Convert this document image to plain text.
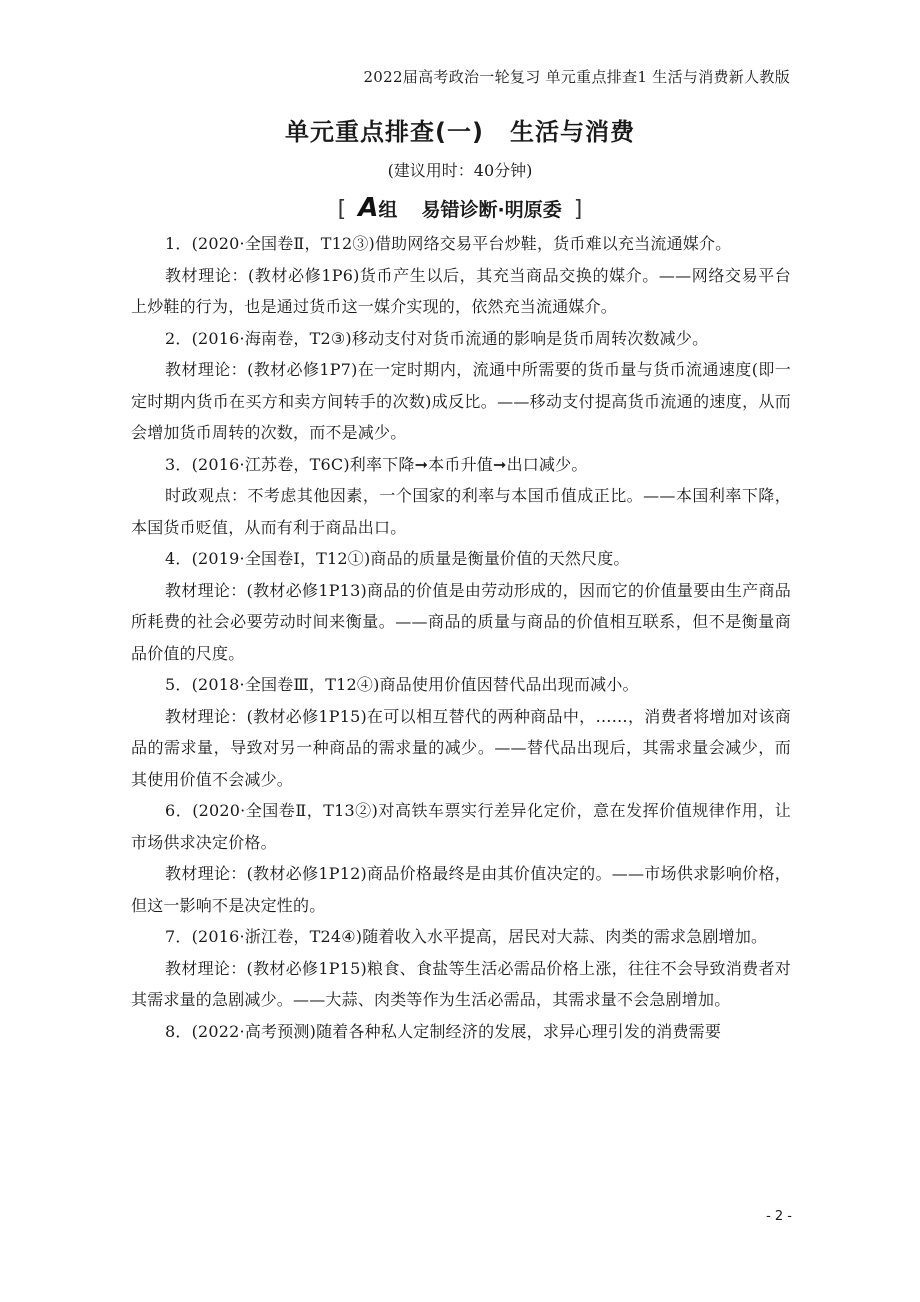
2022届高考政治一轮复习 单元重点排查1 生活与消费新人教版
单元重点排查(一) 生活与消费
(建议用时：40分钟)
[ A组 易错诊断·明原委 ]

1．(2020·全国卷Ⅱ，T12③)借助网络交易平台炒鞋，货币难以充当流通媒介。

教材理论：(教材必修1P6)货币产生以后，其充当商品交换的媒介。——网络交易平台上炒鞋的行为，也是通过货币这一媒介实现的，依然充当流通媒介。

2．(2016·海南卷，T2③)移动支付对货币流通的影响是货币周转次数减少。

教材理论：(教材必修1P7)在一定时期内，流通中所需要的货币量与货币流通速度(即一定时期内货币在买方和卖方间转手的次数)成反比。——移动支付提高货币流通的速度，从而会增加货币周转的次数，而不是减少。

3．(2016·江苏卷，T6C)利率下降➞本币升值➞出口减少。

时政观点：不考虑其他因素，一个国家的利率与本国币值成正比。——本国利率下降，本国货币贬值，从而有利于商品出口。

4．(2019·全国卷Ⅰ，T12①)商品的质量是衡量价值的天然尺度。

教材理论：(教材必修1P13)商品的价值是由劳动形成的，因而它的价值量要由生产商品所耗费的社会必要劳动时间来衡量。——商品的质量与商品的价值相互联系，但不是衡量商品价值的尺度。

5．(2018·全国卷Ⅲ，T12④)商品使用价值因替代品出现而减小。

教材理论：(教材必修1P15)在可以相互替代的两种商品中，……，消费者将增加对该商品的需求量，导致对另一种商品的需求量的减少。——替代品出现后，其需求量会减少，而其使用价值不会减少。

6．(2020·全国卷Ⅱ，T13②)对高铁车票实行差异化定价，意在发挥价值规律作用，让市场供求决定价格。

教材理论：(教材必修1P12)商品价格最终是由其价值决定的。——市场供求影响价格，但这一影响不是决定性的。

7．(2016·浙江卷，T24④)随着收入水平提高，居民对大蒜、肉类的需求急剧增加。

教材理论：(教材必修1P15)粮食、食盐等生活必需品价格上涨，往往不会导致消费者对其需求量的急剧减少。——大蒜、肉类等作为生活必需品，其需求量不会急剧增加。

8．(2022·高考预测)随着各种私人定制经济的发展，求异心理引发的消费需要

- 2 -
